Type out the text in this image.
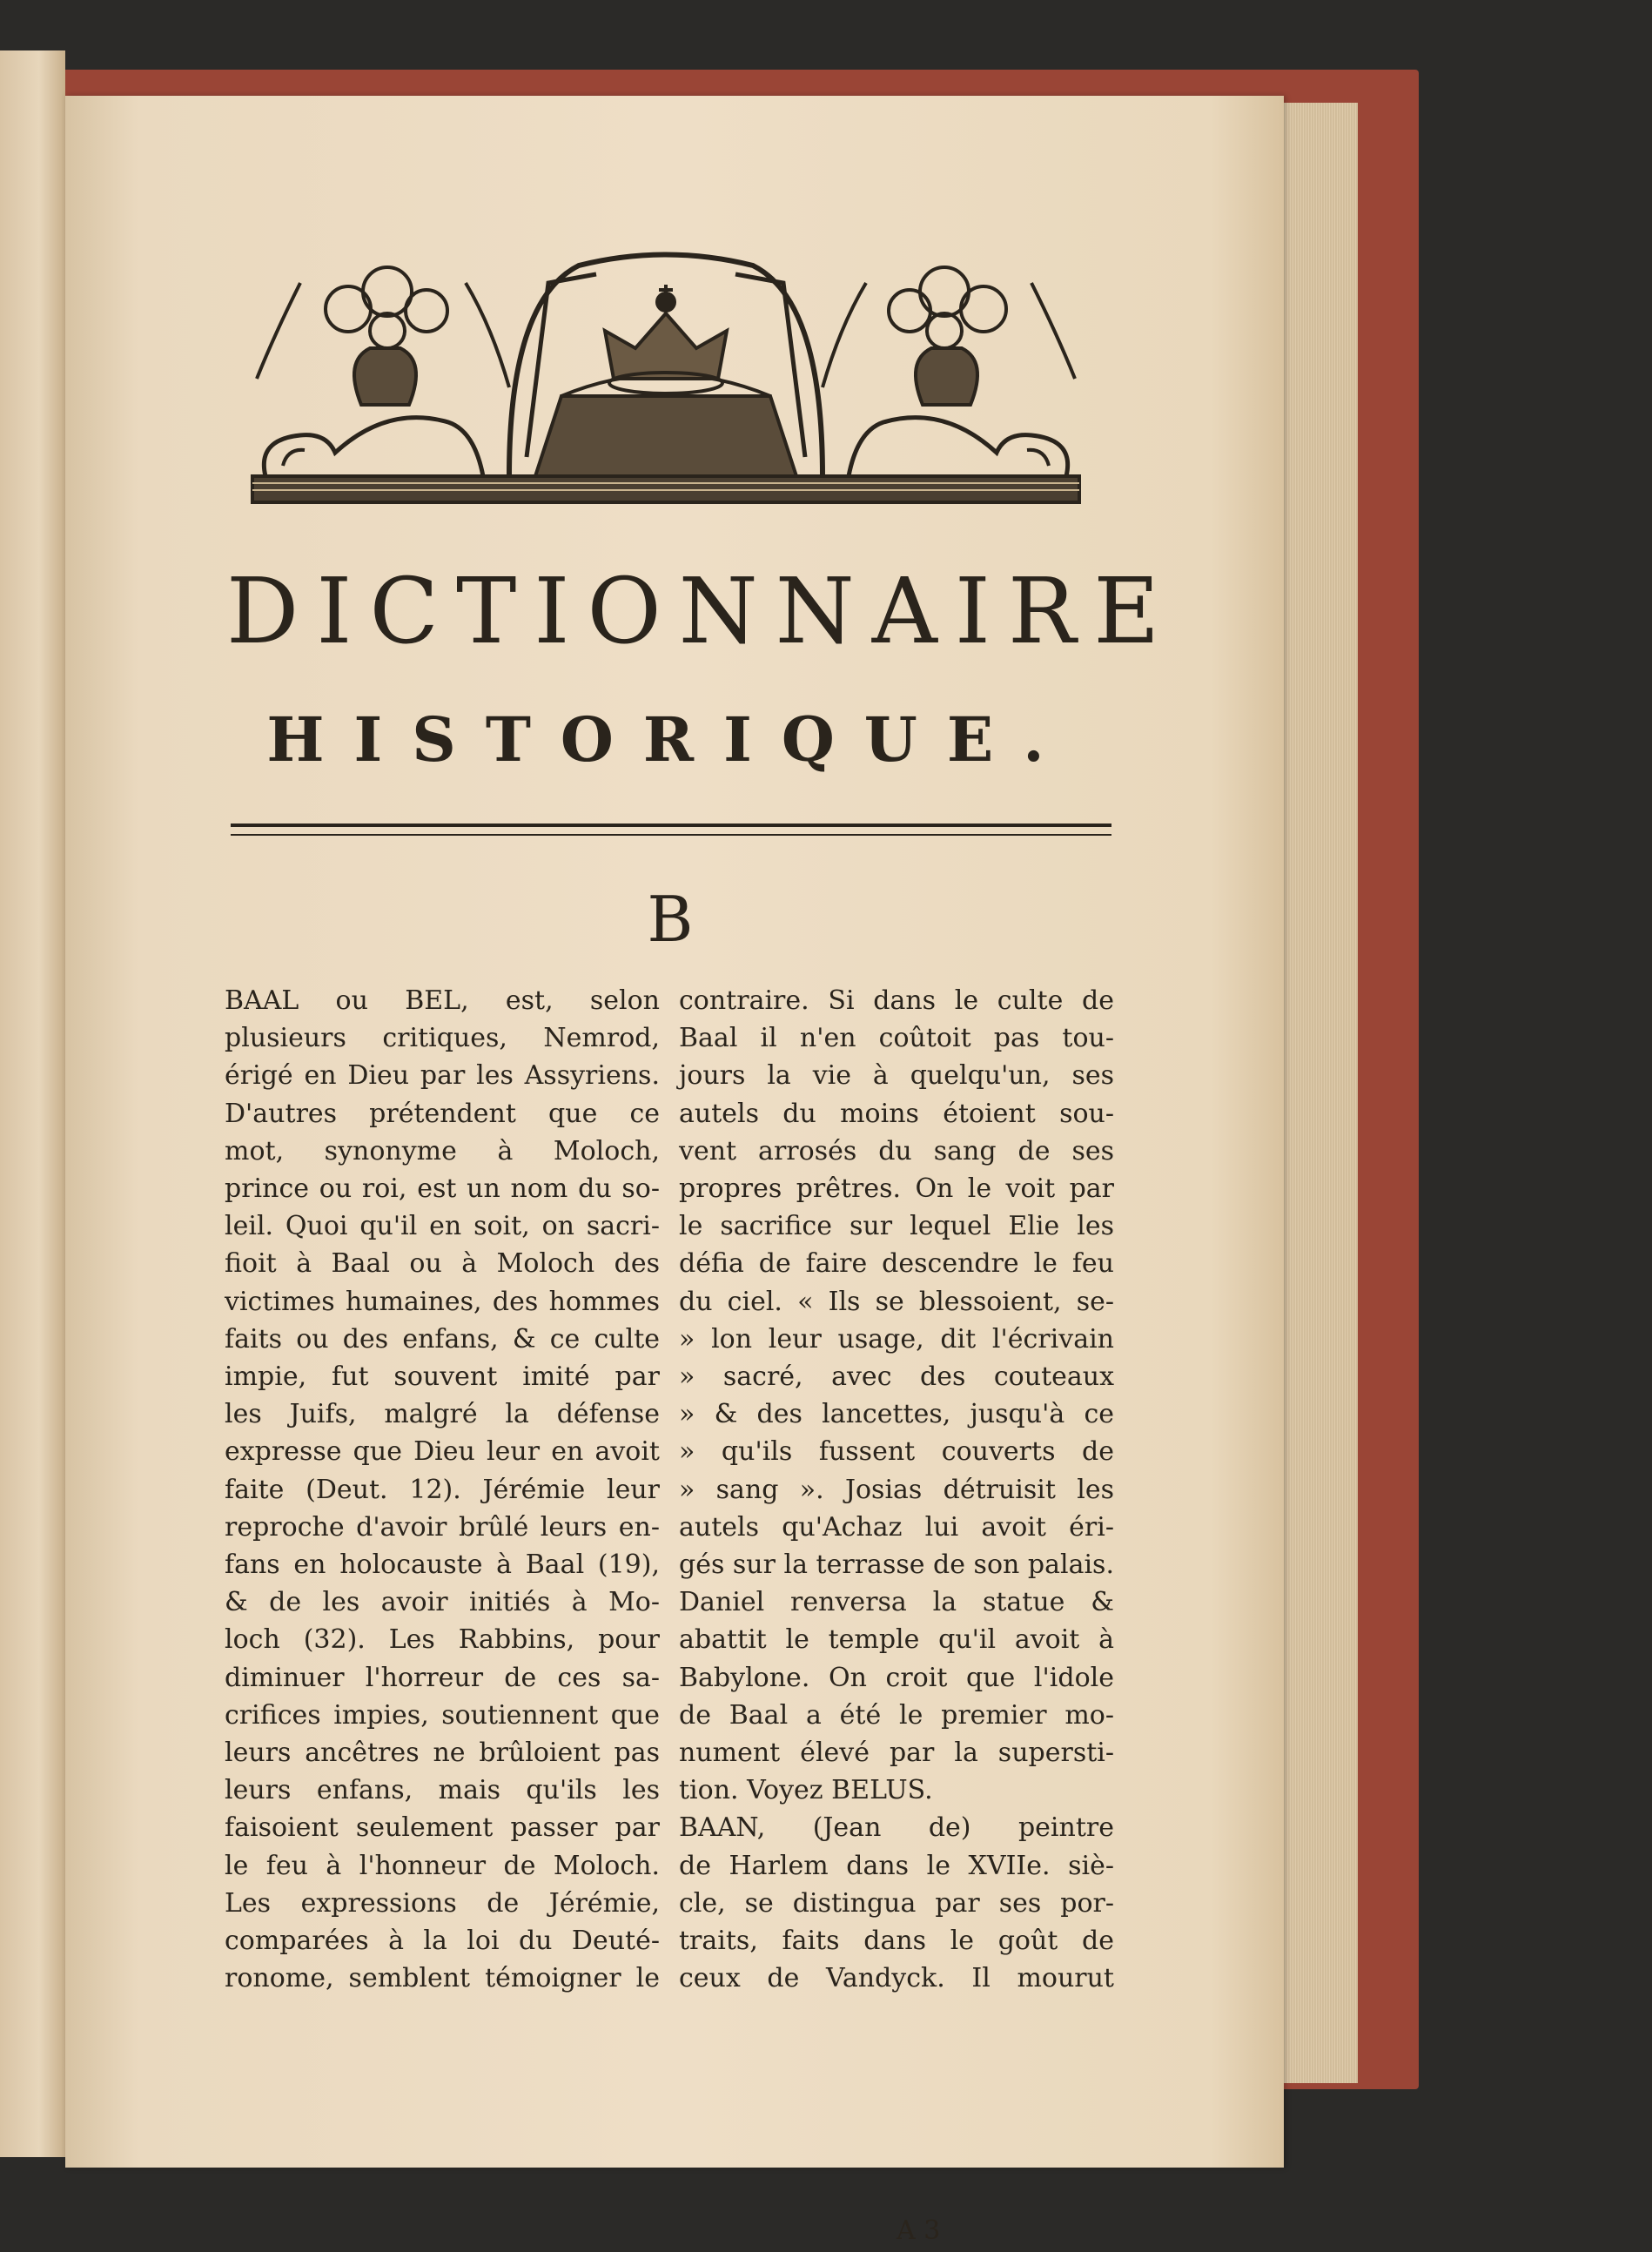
DICTIONNAIRE
HISTORIQUE.
B
BAAL ou BEL, est, selon
plusieurs critiques, Nemrod,
érigé en Dieu par les Assyriens.
D'autres prétendent que ce
mot, synonyme à Moloch,
prince ou roi, est un nom du so-
leil. Quoi qu'il en soit, on sacri-
fioit à Baal ou à Moloch des
victimes humaines, des hommes
faits ou des enfans, & ce culte
impie, fut souvent imité par
les Juifs, malgré la défense
expresse que Dieu leur en avoit
faite (Deut. 12). Jérémie leur
reproche d'avoir brûlé leurs en-
fans en holocauste à Baal (19),
& de les avoir initiés à Mo-
loch (32). Les Rabbins, pour
diminuer l'horreur de ces sa-
crifices impies, soutiennent que
leurs ancêtres ne brûloient pas
leurs enfans, mais qu'ils les
faisoient seulement passer par
le feu à l'honneur de Moloch.
Les expressions de Jérémie,
comparées à la loi du Deuté-
ronome, semblent témoigner le
contraire. Si dans le culte de
Baal il n'en coûtoit pas tou-
jours la vie à quelqu'un, ses
autels du moins étoient sou-
vent arrosés du sang de ses
propres prêtres. On le voit par
le sacrifice sur lequel Elie les
défia de faire descendre le feu
du ciel. « Ils se blessoient, se-
» lon leur usage, dit l'écrivain
» sacré, avec des couteaux
» & des lancettes, jusqu'à ce
» qu'ils fussent couverts de
» sang ». Josias détruisit les
autels qu'Achaz lui avoit éri-
gés sur la terrasse de son palais.
Daniel renversa la statue &
abattit le temple qu'il avoit à
Babylone. On croit que l'idole
de Baal a été le premier mo-
nument élevé par la supersti-
tion. Voyez BELUS.
BAAN, (Jean de) peintre
de Harlem dans le XVIIe. siè-
cle, se distingua par ses por-
traits, faits dans le goût de
ceux de Vandyck. Il mourut

A 3
